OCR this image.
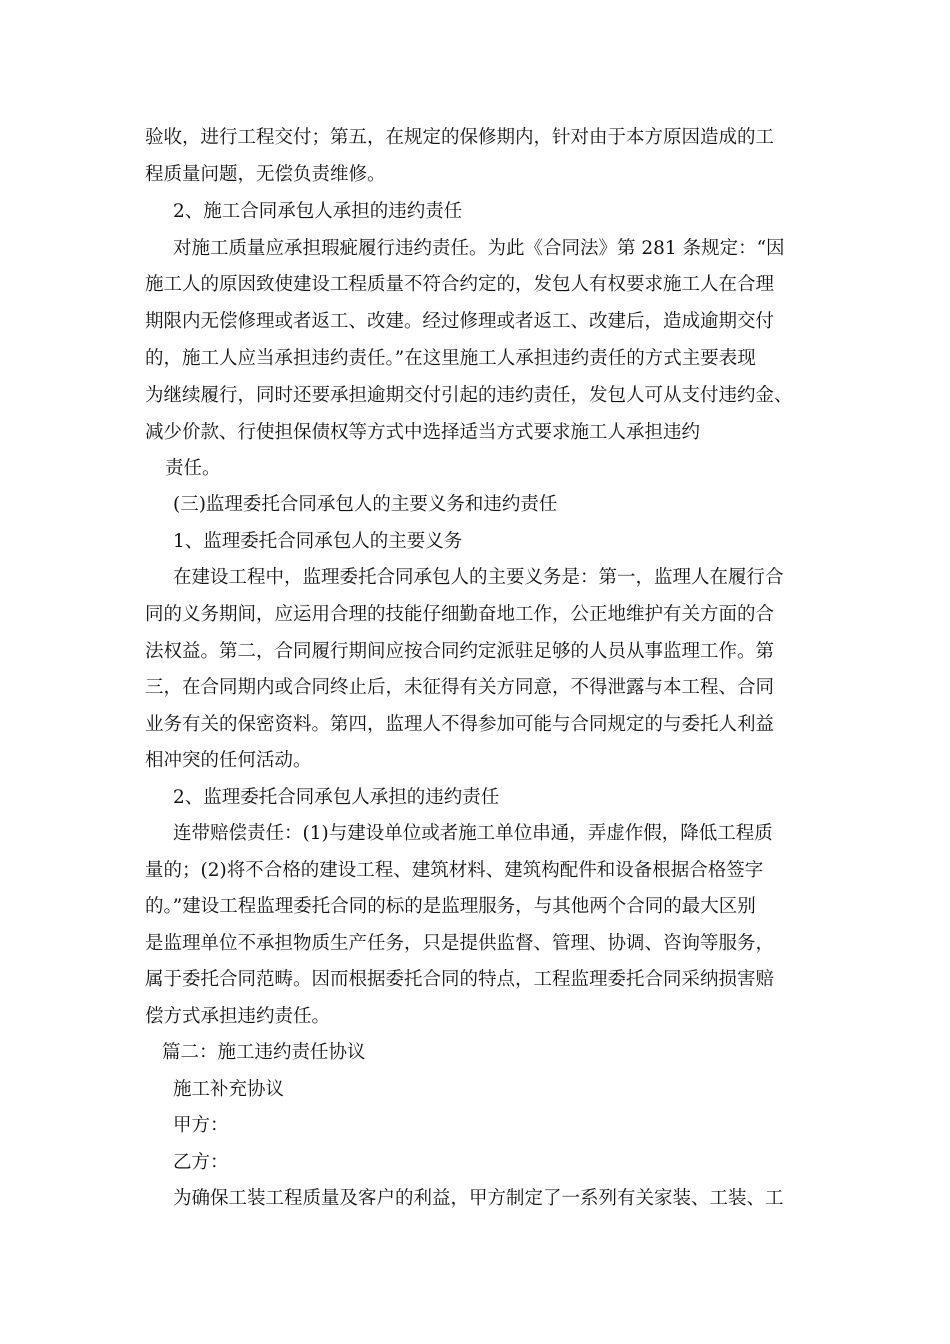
验收，进行工程交付；第五，在规定的保修期内，针对由于本方原因造成的工
程质量问题，无偿负责维修。
2、施工合同承包人承担的违约责任
对施工质量应承担瑕疵履行违约责任。为此《合同法》第 281 条规定：“因
施工人的原因致使建设工程质量不符合约定的，发包人有权要求施工人在合理
期限内无偿修理或者返工、改建。经过修理或者返工、改建后，造成逾期交付
的，施工人应当承担违约责任。”在这里施工人承担违约责任的方式主要表现
为继续履行，同时还要承担逾期交付引起的违约责任，发包人可从支付违约金、
减少价款、行使担保债权等方式中选择适当方式要求施工人承担违约
责任。
(三)监理委托合同承包人的主要义务和违约责任
1、监理委托合同承包人的主要义务
在建设工程中，监理委托合同承包人的主要义务是：第一，监理人在履行合
同的义务期间，应运用合理的技能仔细勤奋地工作，公正地维护有关方面的合
法权益。第二，合同履行期间应按合同约定派驻足够的人员从事监理工作。第
三，在合同期内或合同终止后，未征得有关方同意，不得泄露与本工程、合同
业务有关的保密资料。第四，监理人不得参加可能与合同规定的与委托人利益
相冲突的任何活动。
2、监理委托合同承包人承担的违约责任
连带赔偿责任：(1)与建设单位或者施工单位串通，弄虚作假，降低工程质
量的；(2)将不合格的建设工程、建筑材料、建筑构配件和设备根据合格签字
的。”建设工程监理委托合同的标的是监理服务，与其他两个合同的最大区别
是监理单位不承担物质生产任务，只是提供监督、管理、协调、咨询等服务，
属于委托合同范畴。因而根据委托合同的特点，工程监理委托合同采纳损害赔
偿方式承担违约责任。
篇二：施工违约责任协议
施工补充协议
甲方：
乙方：
为确保工装工程质量及客户的利益，甲方制定了一系列有关家装、工装、工
